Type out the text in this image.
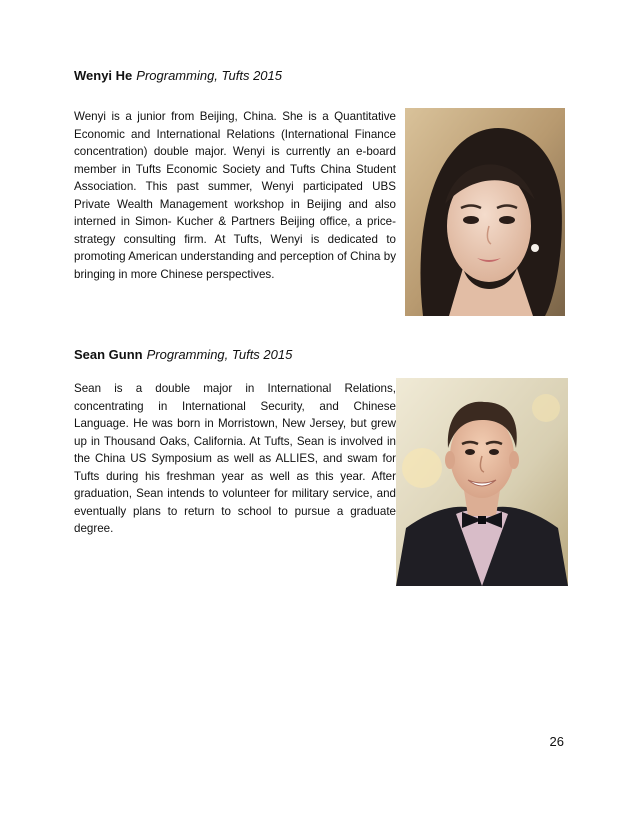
Wenyi He Programming, Tufts 2015

Wenyi is a junior from Beijing, China. She is a Quantitative Economic and International Relations (International Finance concentration) double major. Wenyi is currently an e-board member in Tufts Economic Society and Tufts China Student Association. This past summer, Wenyi participated UBS Private Wealth Management workshop in Beijing and also interned in Simon- Kucher & Partners Beijing office, a price-strategy consulting firm. At Tufts, Wenyi is dedicated to promoting American understanding and perception of China by bringing in more Chinese perspectives.

Sean Gunn Programming, Tufts 2015

Sean is a double major in International Relations, concentrating in International Security, and Chinese Language. He was born in Morristown, New Jersey, but grew up in Thousand Oaks, California. At Tufts, Sean is involved in the China US Symposium as well as ALLIES, and swam for Tufts during his freshman year as well as this year. After graduation, Sean intends to volunteer for military service, and eventually plans to return to school to pursue a graduate degree.

26
